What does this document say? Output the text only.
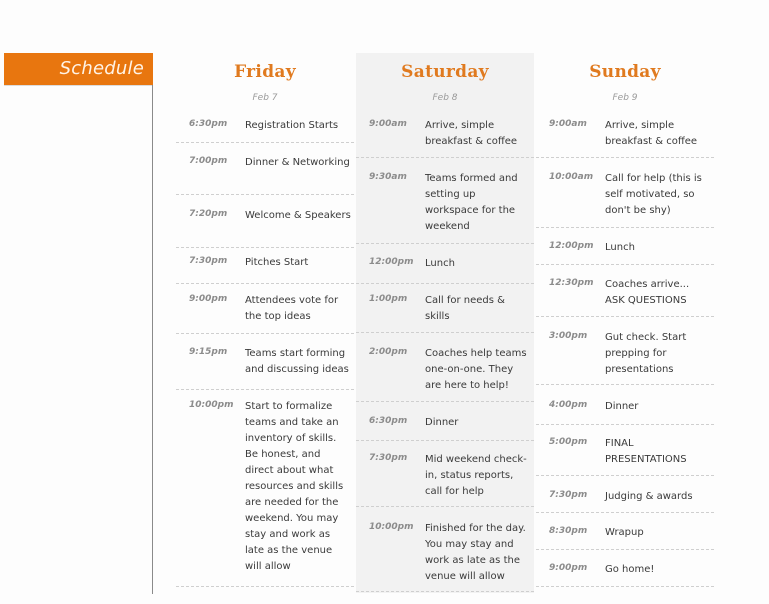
Schedule	Friday
Feb 7
6:30pm Registration Starts
7:00pm Dinner & Networking
7:20pm Welcome & Speakers
7:30pm Pitches Start
9:00pm Attendees vote for the top ideas
9:15pm Teams start forming and discussing ideas
10:00pm Start to formalize teams and take an inventory of skills. Be honest, and direct about what resources and skills are needed for the weekend. You may stay and work as late as the venue will allow
Saturday
Feb 8
9:00am Arrive, simple breakfast & coffee
9:30am Teams formed and setting up workspace for the weekend
12:00pm Lunch
1:00pm Call for needs & skills
2:00pm Coaches help teams one-on-one. They are here to help!
6:30pm Dinner
7:30pm Mid weekend check-in, status reports, call for help
10:00pm Finished for the day. You may stay and work as late as the venue will allow
Sunday
Feb 9
9:00am Arrive, simple breakfast & coffee
10:00am Call for help (this is self motivated, so don't be shy)
12:00pm Lunch
12:30pm Coaches arrive... ASK QUESTIONS
3:00pm Gut check. Start prepping for presentations
4:00pm Dinner
5:00pm FINAL PRESENTATIONS
7:30pm Judging & awards
8:30pm Wrapup
9:00pm Go home!
